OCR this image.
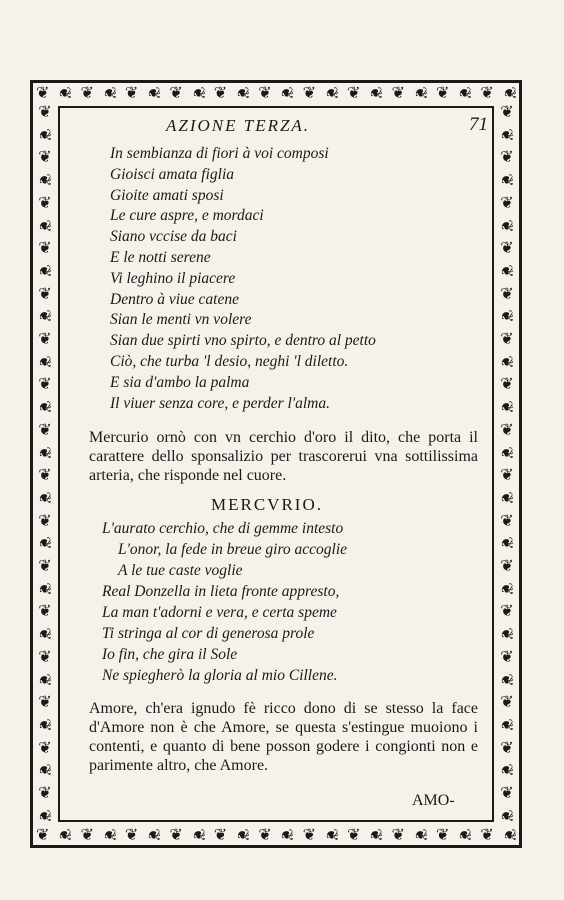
❦ ❦ ❦ ❦ ❦ ❦ ❦ ❦ ❦ ❦ ❦ ❦ ❦ ❦ ❦ ❦ ❦ ❦ ❦ ❦ ❦ ❦
❦ ❦ ❦ ❦ ❦ ❦ ❦ ❦ ❦ ❦ ❦ ❦ ❦ ❦ ❦ ❦ ❦ ❦ ❦ ❦ ❦ ❦
❦
❦
❦
❦
❦
❦
❦
❦
❦
❦
❦
❦
❦
❦
❦
❦
❦
❦
❦
❦
❦
❦
❦
❦
❦
❦
❦
❦
❦
❦
❦
❦
❦
❦
❦
❦
❦
❦
❦
❦
❦
❦
❦
❦
❦
❦
❦
❦
❦
❦
❦
❦
❦
❦
❦
❦
❦
❦
❦
❦
❦
❦
❦
❦
AZIONE TERZA.	71
In sembianza di fiori à voi composi
Gioisci amata figlia
Gioite amati sposi
Le cure aspre, e mordaci
Siano vccise da baci
E le notti serene
Vi leghino il piacere
Dentro à viue catene
Sian le menti vn volere
Sian due spirti vno spirto, e dentro al petto
Ciò, che turba 'l desio, neghi 'l diletto.
E sia d'ambo la palma
Il viuer senza core, e perder l'alma.
Mercurio ornò con vn cerchio d'oro il dito, che porta il carattere dello sponsalizio per trascorerui vna sottilissima arteria, che risponde nel cuore.
MERCVRIO.
L'aurato cerchio, che di gemme intesto
L'onor, la fede in breue giro accoglie
A le tue caste voglie
Real Donzella in lieta fronte appresto,
La man t'adorni e vera, e certa speme
Ti stringa al cor di generosa prole
Io fin, che gira il Sole
Ne spiegherò la gloria al mio Cillene.
Amore, ch'era ignudo fè ricco dono di se stesso la face d'Amore non è che Amore, se questa s'estingue muoiono i contenti, e quanto di bene posson godere i congionti non e parimente altro, che Amore.
AMO-
